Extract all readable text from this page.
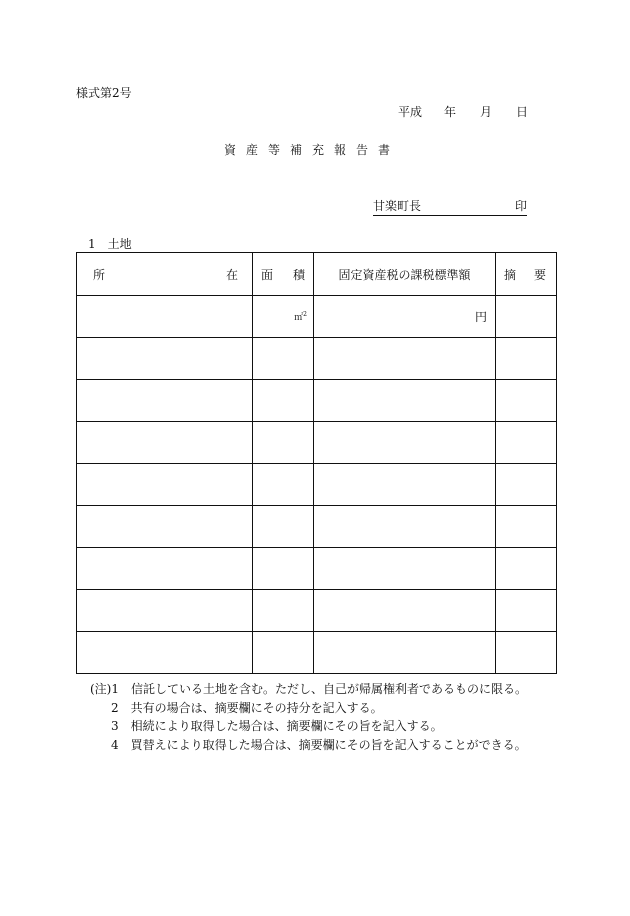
様式第2号
平成 年 月 日
資産等補充報告書
甘楽町長	印
1　土地
所 在	面 積	固定資産税の課税標準額	摘 要

	㎡$^2$	円	

(注)1　信託している土地を含む。ただし、自己が帰属権利者であるものに限る。
2　共有の場合は、摘要欄にその持分を記入する。
3　相続により取得した場合は、摘要欄にその旨を記入する。
4　買替えにより取得した場合は、摘要欄にその旨を記入することができる。
